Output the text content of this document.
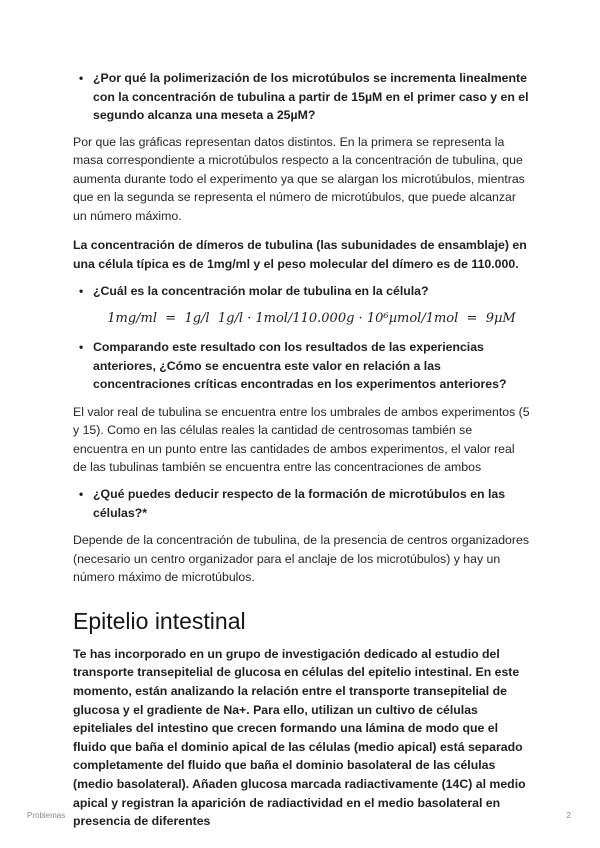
• ¿Por qué la polimerización de los microtúbulos se incrementa linealmente con la concentración de tubulina a partir de 15µM en el primer caso y en el segundo alcanza una meseta a 25µM?
Por que las gráficas representan datos distintos. En la primera se representa la masa correspondiente a microtúbulos respecto a la concentración de tubulina, que aumenta durante todo el experimento ya que se alargan los microtúbulos, mientras que en la segunda se representa el número de microtúbulos, que puede alcanzar un número máximo.
La concentración de dímeros de tubulina (las subunidades de ensamblaje) en una célula típica es de 1mg/ml y el peso molecular del dímero es de 110.000.
• ¿Cuál es la concentración molar de tubulina en la célula?
1mg/ml  =  1g/l  1g/l · 1mol/110.000g · 10⁶µmol/1mol  =  9µM
• Comparando este resultado con los resultados de las experiencias anteriores, ¿Cómo se encuentra este valor en relación a las concentraciones críticas encontradas en los experimentos anteriores?
El valor real de tubulina se encuentra entre los umbrales de ambos experimentos (5 y 15). Como en las células reales la cantidad de centrosomas también se encuentra en un punto entre las cantidades de ambos experimentos, el valor real de las tubulinas también se encuentra entre las concentraciones de ambos
• ¿Qué puedes deducir respecto de la formación de microtúbulos en las células?*
Depende de la concentración de tubulina, de la presencia de centros organizadores (necesario un centro organizador para el anclaje de los microtúbulos) y hay un número máximo de microtúbulos.
Epitelio intestinal
Te has incorporado en un grupo de investigación dedicado al estudio del transporte transepitelial de glucosa en células del epitelio intestinal. En este momento, están analizando la relación entre el transporte transepitelial de glucosa y el gradiente de Na+. Para ello, utilizan un cultivo de células epiteliales del intestino que crecen formando una lámina de modo que el fluido que baña el dominio apical de las células (medio apical) está separado completamente del fluido que baña el dominio basolateral de las células (medio basolateral). Añaden glucosa marcada radiactivamente (14C) al medio apical y registran la aparición de radiactividad en el medio basolateral en presencia de diferentes
Problemas	2
